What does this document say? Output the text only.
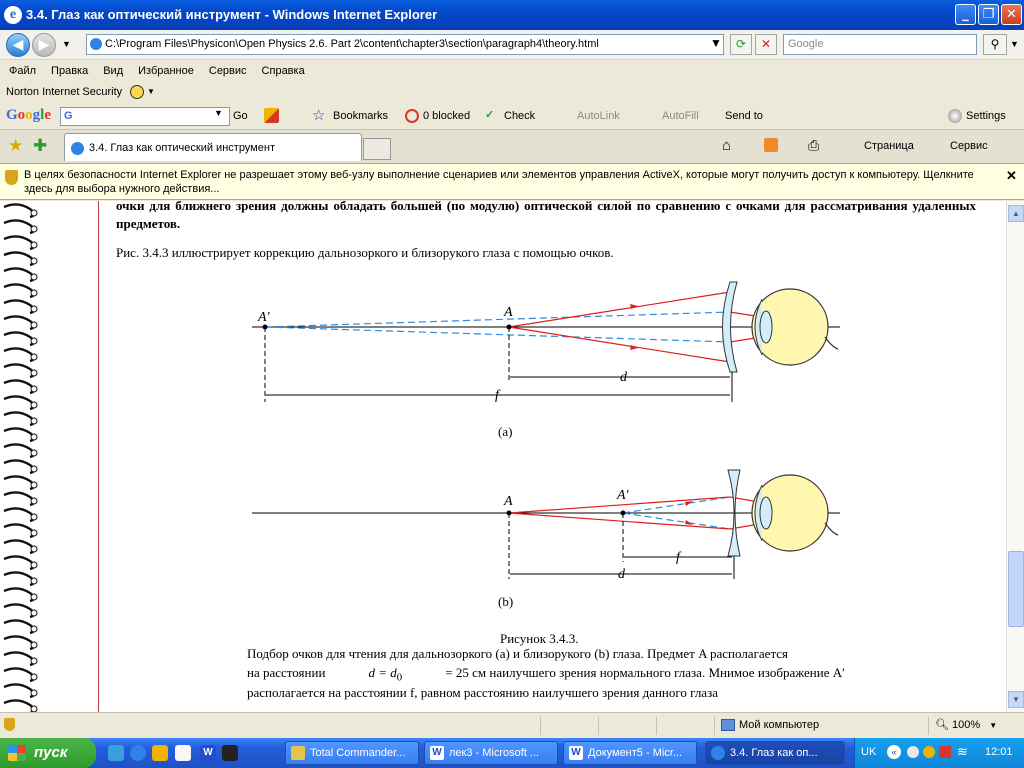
e 3.4. Глаз как оптический инструмент - Windows Internet Explorer	_	❐ ✕
◀	▶	▼	C:\Program Files\Physicon\Open Physics 2.6. Part 2\content\chapter3\section\paragraph4\theory.html	▼	⟳	✕	Google	⚲	▼
Файл Правка Вид Избранное Сервис Справка
Norton Internet Security	▼
Google	G	▼ Go	☆ Bookmarks	0 blocked ✓ Check	AutoLink	AutoFill Send to	Settings
★ ✚	3.4. Глаз как оптический инструмент	⌂	⎙	Страница	Сервис
В целях безопасности Internet Explorer не разрешает этому веб-узлу выполнение сценариев или элементов управления ActiveX, которые могут получить доступ к компьютеру. Щелкните здесь для выбора нужного действия...
✕
очки для ближнего зрения должны обладать большей (по модулю) оптической силой по сравнению с очками для рассматривания удаленных предметов.
Рис. 3.4.3 иллюстрирует коррекцию дальнозоркого и близорукого глаза с помощью очков.
A′	A
d
f
(a)
A	A′
f
d
(b)
Рисунок 3.4.3.
Подбор очков для чтения для дальнозоркого (a) и близорукого (b) глаза. Предмет A располагается
на расстоянии	$d = d_0$	= 25 см наилучшего зрения нормального глаза. Мнимое изображение A′
располагается на расстоянии f, равном расстоянию наилучшего зрения данного глаза
▲
▼
Мой компьютер	🔍︎ 100% ▼
пуск	W	Total Commander...	W лек3 - Microsoft ...	W Документ5 - Micr...	3.4. Глаз как оп...	UK	«	≋ 12:01
